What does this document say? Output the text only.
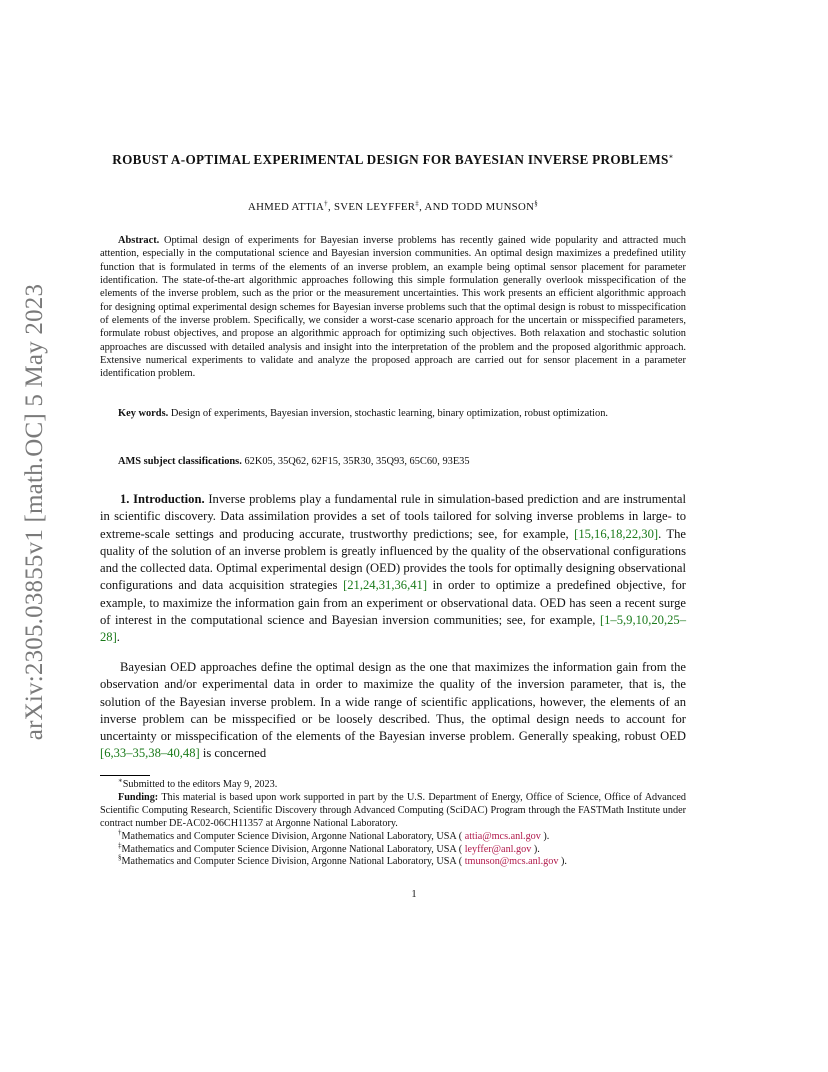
arXiv:2305.03855v1 [math.OC] 5 May 2023
ROBUST A-OPTIMAL EXPERIMENTAL DESIGN FOR BAYESIAN INVERSE PROBLEMS∗
AHMED ATTIA†, SVEN LEYFFER‡, AND TODD MUNSON§
Abstract. Optimal design of experiments for Bayesian inverse problems has recently gained wide popularity and attracted much attention, especially in the computational science and Bayesian inversion communities. An optimal design maximizes a predefined utility function that is formulated in terms of the elements of an inverse problem, an example being optimal sensor placement for parameter identification. The state-of-the-art algorithmic approaches following this simple formulation generally overlook misspecification of the elements of the inverse problem, such as the prior or the measurement uncertainties. This work presents an efficient algorithmic approach for designing optimal experimental design schemes for Bayesian inverse problems such that the optimal design is robust to misspecification of elements of the inverse problem. Specifically, we consider a worst-case scenario approach for the uncertain or misspecified parameters, formulate robust objectives, and propose an algorithmic approach for optimizing such objectives. Both relaxation and stochastic solution approaches are discussed with detailed analysis and insight into the interpretation of the problem and the proposed algorithmic approach. Extensive numerical experiments to validate and analyze the proposed approach are carried out for sensor placement in a parameter identification problem.
Key words. Design of experiments, Bayesian inversion, stochastic learning, binary optimization, robust optimization.
AMS subject classifications. 62K05, 35Q62, 62F15, 35R30, 35Q93, 65C60, 93E35
1. Introduction. Inverse problems play a fundamental rule in simulation-based prediction and are instrumental in scientific discovery. Data assimilation provides a set of tools tailored for solving inverse problems in large- to extreme-scale settings and producing accurate, trustworthy predictions; see, for example, [15,16,18,22,30]. The quality of the solution of an inverse problem is greatly influenced by the quality of the observational configurations and the collected data. Optimal experimental design (OED) provides the tools for optimally designing observational configurations and data acquisition strategies [21,24,31,36,41] in order to optimize a predefined objective, for example, to maximize the information gain from an experiment or observational data. OED has seen a recent surge of interest in the computational science and Bayesian inversion communities; see, for example, [1–5,9,10,20,25–28].
Bayesian OED approaches define the optimal design as the one that maximizes the information gain from the observation and/or experimental data in order to maximize the quality of the inversion parameter, that is, the solution of the Bayesian inverse problem. In a wide range of scientific applications, however, the elements of an inverse problem can be misspecified or be loosely described. Thus, the optimal design needs to account for uncertainty or misspecification of the elements of the Bayesian inverse problem. Generally speaking, robust OED [6,33–35,38–40,48] is concerned
∗Submitted to the editors May 9, 2023.
Funding: This material is based upon work supported in part by the U.S. Department of Energy, Office of Science, Office of Advanced Scientific Computing Research, Scientific Discovery through Advanced Computing (SciDAC) Program through the FASTMath Institute under contract number DE-AC02-06CH11357 at Argonne National Laboratory.
†Mathematics and Computer Science Division, Argonne National Laboratory, USA ( attia@mcs.anl.gov ).
‡Mathematics and Computer Science Division, Argonne National Laboratory, USA ( leyffer@anl.gov ).
§Mathematics and Computer Science Division, Argonne National Laboratory, USA ( tmunson@mcs.anl.gov ).
1
